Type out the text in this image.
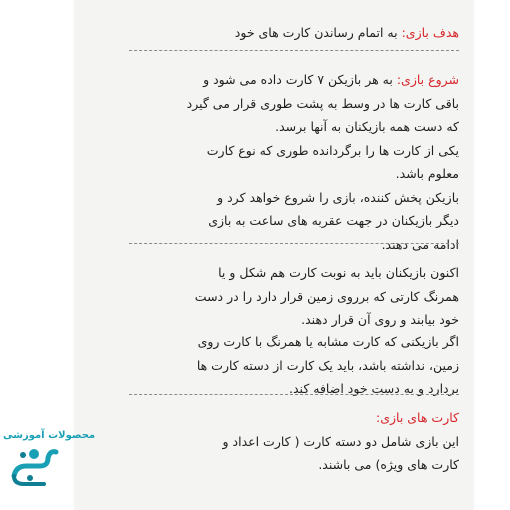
هدف بازی: به اتمام رساندن کارت های خود
شروع بازی: به هر بازیکن ۷ کارت داده می شود و
باقی کارت ها در وسط به پشت طوری قرار می گیرد
که دست همه بازیکنان به آنها برسد.
یکی از کارت ها را برگردانده طوری که نوع کارت
معلوم باشد.
بازیکن پخش کننده، بازی را شروع خواهد کرد و
دیگر بازیکنان در جهت عقربه های ساعت به بازی
ادامه می دهند.
اکنون بازیکنان باید به نوبت کارت هم شکل و یا
همرنگ کارتی که برروی زمین قرار دارد را در دست
خود بیابند و روی آن قرار دهند.
اگر بازیکنی که کارت مشابه یا همرنگ با کارت روی
زمین، نداشته باشد، باید یک کارت از دسته کارت ها
بردارد و به دست خود اضافه کند.
کارت های بازی:
این بازی شامل دو دسته کارت ( کارت اعداد و
کارت های ویژه) می باشند.
محصولات آموزشی
